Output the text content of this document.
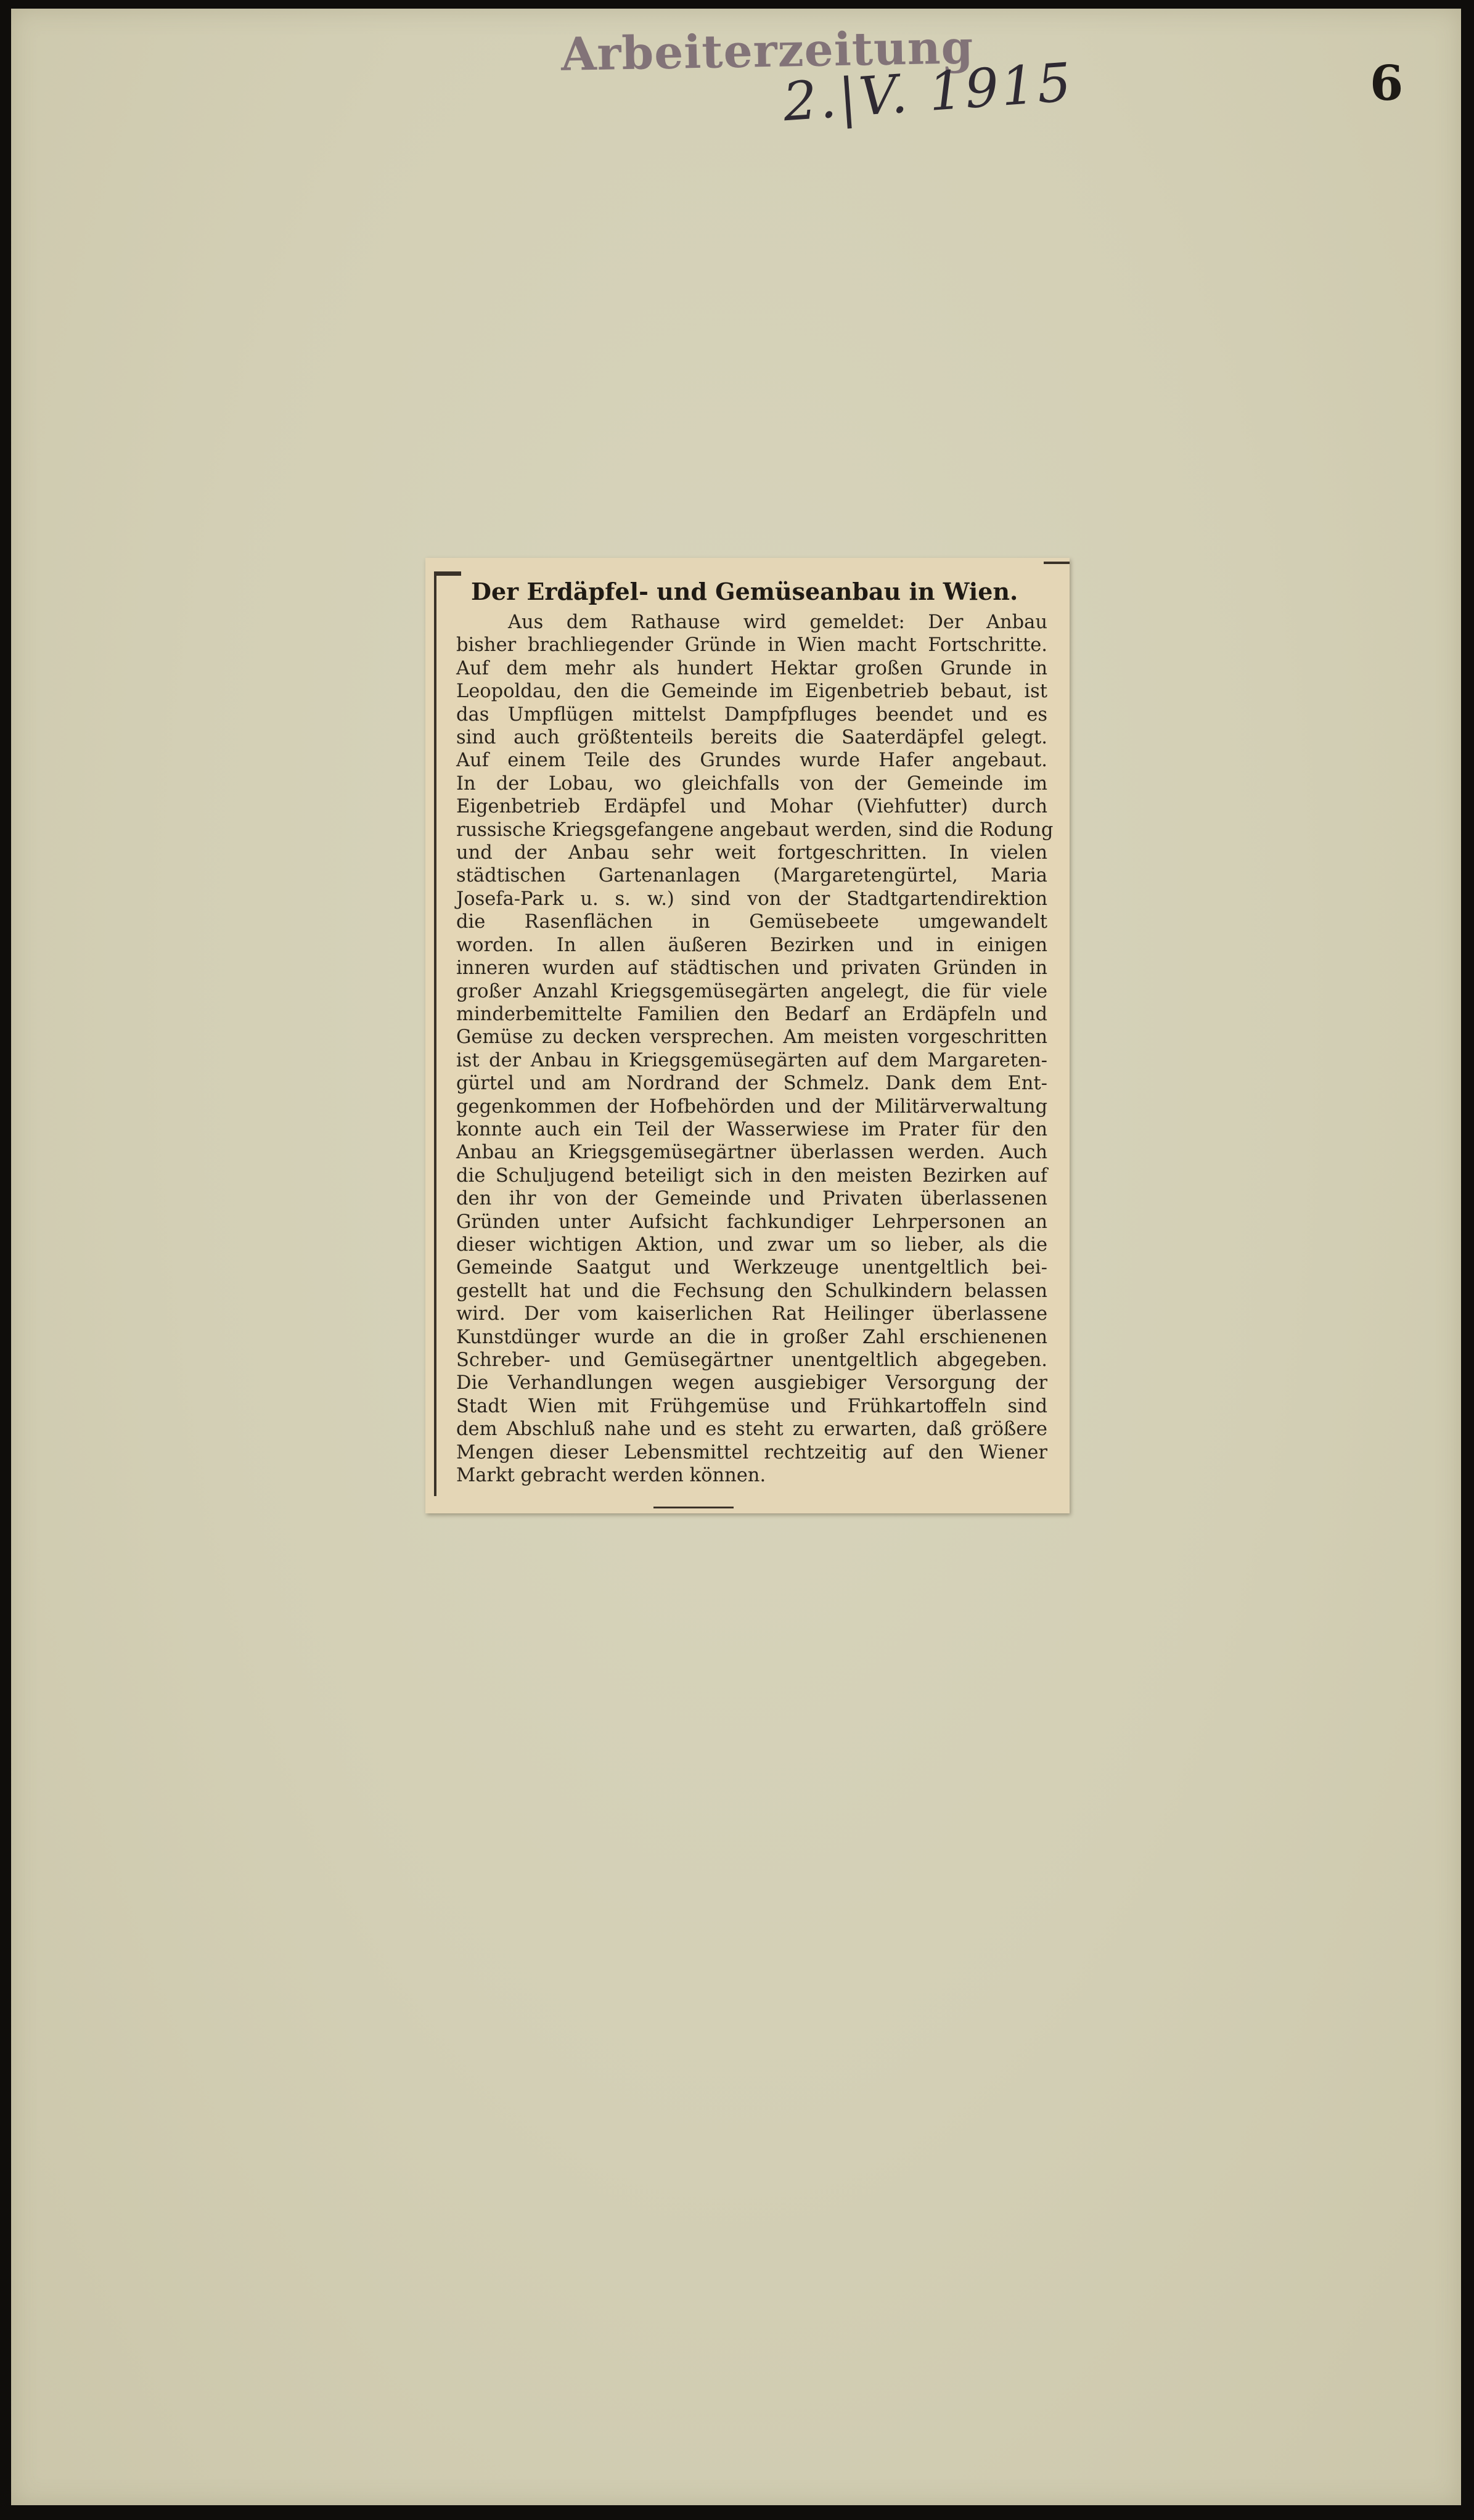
Arbeiterzeitung
2.|V. 1915	6
Der Erdäpfel- und Gemüseanbau in Wien.
Aus dem Rathause wird gemeldet: Der Anbau
bisher brachliegender Gründe in Wien macht Fortschritte.
Auf dem mehr als hundert Hektar großen Grunde in
Leopoldau, den die Gemeinde im Eigenbetrieb bebaut, ist
das Umpflügen mittelst Dampfpfluges beendet und es
sind auch größtenteils bereits die Saaterdäpfel gelegt.
Auf einem Teile des Grundes wurde Hafer angebaut.
In der Lobau, wo gleichfalls von der Gemeinde im
Eigenbetrieb Erdäpfel und Mohar (Viehfutter) durch
russische Kriegsgefangene angebaut werden, sind die Rodung
und der Anbau sehr weit fortgeschritten. In vielen
städtischen Gartenanlagen (Margaretengürtel, Maria
Josefa-Park u. s. w.) sind von der Stadtgartendirektion
die Rasenflächen in Gemüsebeete umgewandelt
worden. In allen äußeren Bezirken und in einigen
inneren wurden auf städtischen und privaten Gründen in
großer Anzahl Kriegsgemüsegärten angelegt, die für viele
minderbemittelte Familien den Bedarf an Erdäpfeln und
Gemüse zu decken versprechen. Am meisten vorgeschritten
ist der Anbau in Kriegsgemüsegärten auf dem Margareten-
gürtel und am Nordrand der Schmelz. Dank dem Ent-
gegenkommen der Hofbehörden und der Militärverwaltung
konnte auch ein Teil der Wasserwiese im Prater für den
Anbau an Kriegsgemüsegärtner überlassen werden. Auch
die Schuljugend beteiligt sich in den meisten Bezirken auf
den ihr von der Gemeinde und Privaten überlassenen
Gründen unter Aufsicht fachkundiger Lehrpersonen an
dieser wichtigen Aktion, und zwar um so lieber, als die
Gemeinde Saatgut und Werkzeuge unentgeltlich bei-
gestellt hat und die Fechsung den Schulkindern belassen
wird. Der vom kaiserlichen Rat Heilinger überlassene
Kunstdünger wurde an die in großer Zahl erschienenen
Schreber- und Gemüsegärtner unentgeltlich abgegeben.
Die Verhandlungen wegen ausgiebiger Versorgung der
Stadt Wien mit Frühgemüse und Frühkartoffeln sind
dem Abschluß nahe und es steht zu erwarten, daß größere
Mengen dieser Lebensmittel rechtzeitig auf den Wiener
Markt gebracht werden können.
